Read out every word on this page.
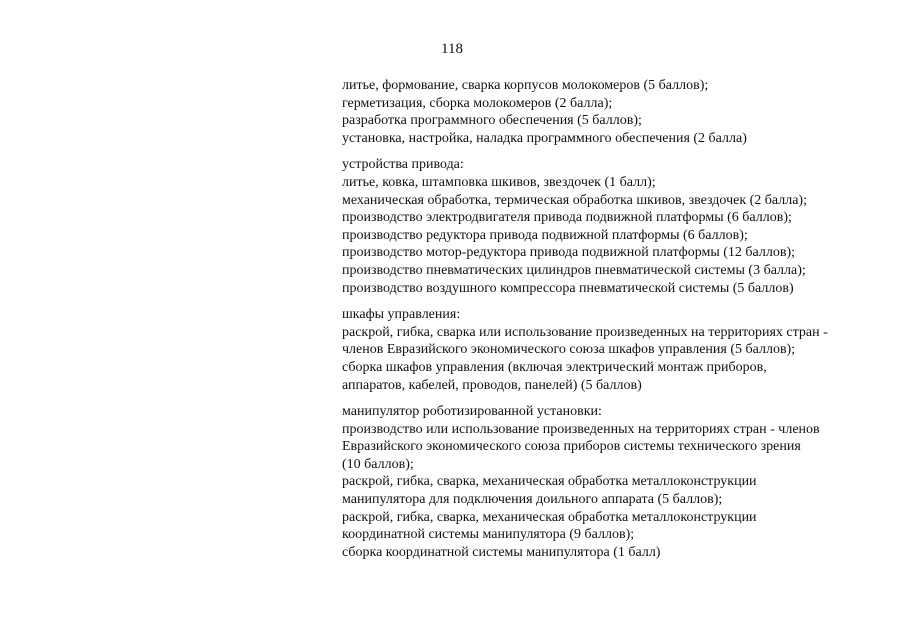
118
литье, формование, сварка корпусов молокомеров (5 баллов);
герметизация, сборка молокомеров (2 балла);
разработка программного обеспечения (5 баллов);
установка, настройка, наладка программного обеспечения (2 балла)
устройства привода:
литье, ковка, штамповка шкивов, звездочек (1 балл);
механическая обработка, термическая обработка шкивов, звездочек (2 балла);
производство электродвигателя привода подвижной платформы (6 баллов);
производство редуктора привода подвижной платформы (6 баллов);
производство мотор-редуктора привода подвижной платформы (12 баллов);
производство пневматических цилиндров пневматической системы (3 балла);
производство воздушного компрессора пневматической системы (5 баллов)
шкафы управления:
раскрой, гибка, сварка или использование произведенных на территориях стран -
членов Евразийского экономического союза шкафов управления (5 баллов);
сборка шкафов управления (включая электрический монтаж приборов,
аппаратов, кабелей, проводов, панелей) (5 баллов)
манипулятор роботизированной установки:
производство или использование произведенных на территориях стран - членов
Евразийского экономического союза приборов системы технического зрения
(10 баллов);
раскрой, гибка, сварка, механическая обработка металлоконструкции
манипулятора для подключения доильного аппарата (5 баллов);
раскрой, гибка, сварка, механическая обработка металлоконструкции
координатной системы манипулятора (9 баллов);
сборка координатной системы манипулятора (1 балл)
